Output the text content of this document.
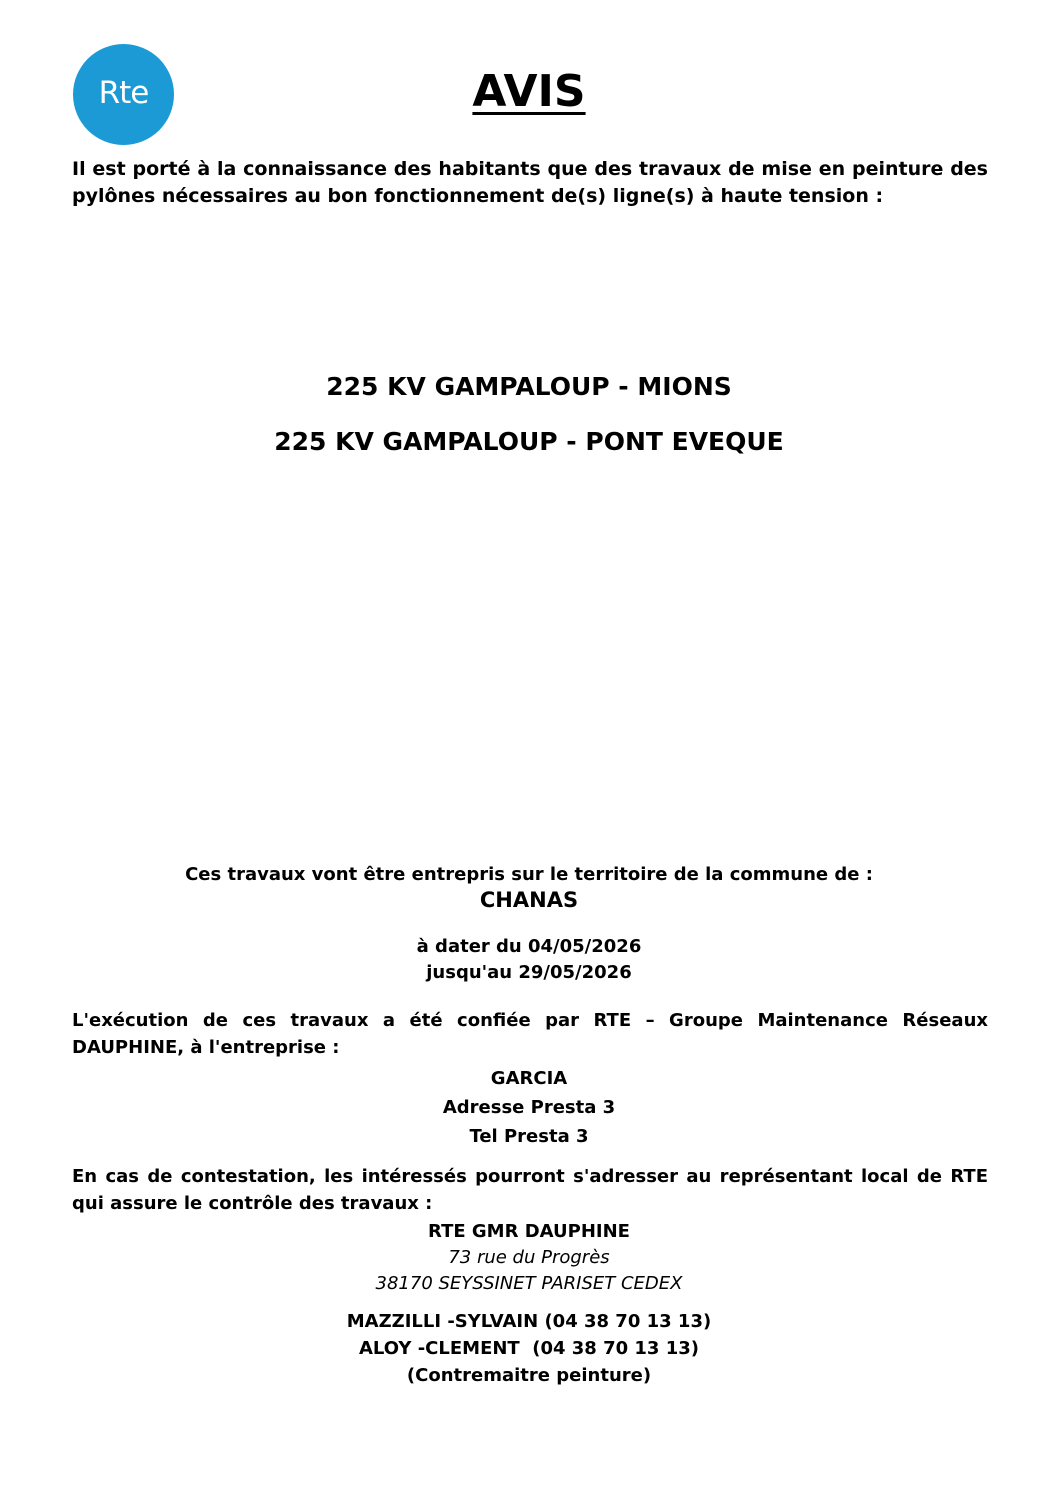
Rte	AVIS

Il est porté à la connaissance des habitants que des travaux de mise en peinture des pylônes nécessaires au bon fonctionnement de(s) ligne(s) à haute tension :

225 KV GAMPALOUP - MIONS
225 KV GAMPALOUP - PONT EVEQUE
Ces travaux vont être entrepris sur le territoire de la commune de :
CHANAS
à dater du 04/05/2026
jusqu'au 29/05/2026

L'exécution de ces travaux a été confiée par RTE – Groupe Maintenance Réseaux DAUPHINE, à l'entreprise :

GARCIA
Adresse Presta 3
Tel Presta 3

En cas de contestation, les intéressés pourront s'adresser au représentant local de RTE qui assure le contrôle des travaux :

RTE GMR DAUPHINE
73 rue du Progrès
38170 SEYSSINET PARISET CEDEX
MAZZILLI -SYLVAIN (04 38 70 13 13)
ALOY -CLEMENT  (04 38 70 13 13)
(Contremaitre peinture)
